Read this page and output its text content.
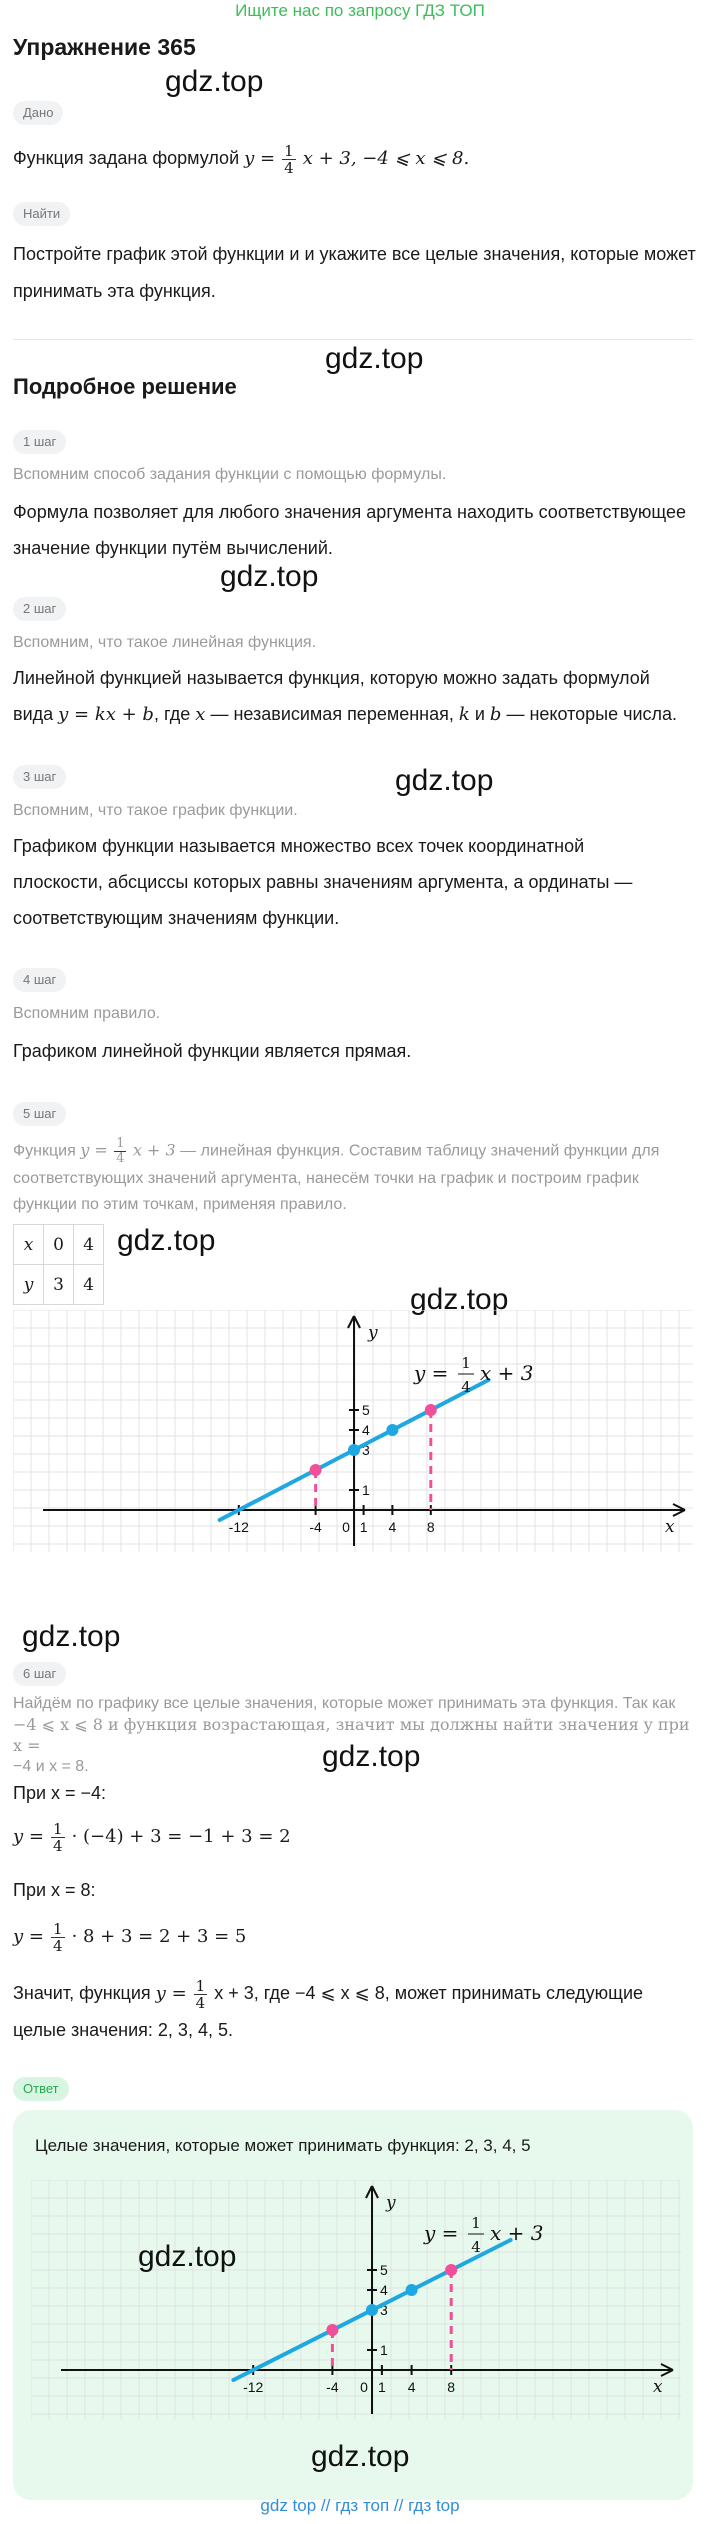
Ищите нас по запросу ГДЗ ТОП
Упражнение 365
gdz.top
Дано
Функция задана формулой $y = \frac{1}{4}$ x + 3, −4 ⩽ x ⩽ 8.
Найти
Постройте график этой функции и и укажите все целые значения, которые может принимать эта функция.
gdz.top
Подробное решение
1 шаг
Вспомним способ задания функции с помощью формулы.
Формула позволяет для любого значения аргумента находить соответствующее значение функции путём вычислений.
gdz.top
2 шаг
Вспомним, что такое линейная функция.
Линейной функцией называется функция, которую можно задать формулой
вида y = kx + b, где x — независимая переменная, k и b — некоторые числа.
3 шаг	gdz.top
Вспомним, что такое график функции.
Графиком функции называется множество всех точек координатной плоскости, абсциссы которых равны значениям аргумента, а ординаты — соответствующим значениям функции.
4 шаг
Вспомним правило.
Графиком линейной функции является прямая.
5 шаг
Функция $y = \frac{1}{4}$ x + 3 — линейная функция. Составим таблицу значений функции для соответствующих значений аргумента, нанесём точки на график и построим график функции по этим точкам, применяя правило.
x	0	4
y	3	4
gdz.top
gdz.top
-12	-4 0 1 4 8
1
3
4
5
x
y
y = 1
4
x + 3
gdz.top
6 шаг
Найдём по графику все целые значения, которые может принимать эта функция. Так как
−4 ⩽ x ⩽ 8 и функция возрастающая, значит мы должны найти значения y при x =
−4 и x = 8.	gdz.top
При x = −4:
$y = \frac{1}{4} \cdot (-4) + 3 = -1 + 3 = 2$
При x = 8:
$y = \frac{1}{4} \cdot 8 + 3 = 2 + 3 = 5$
Значит, функция $y = \frac{1}{4}$ x + 3, где −4 ⩽ x ⩽ 8, может принимать следующие
целые значения: 2, 3, 4, 5.
Ответ
Целые значения, которые может принимать функция: 2, 3, 4, 5
-12	-4 0 1 4 8
1
3
4
5
x
y
y = 1
4
x + 3
gdz.top
gdz.top
gdz top // гдз топ // гдз top
